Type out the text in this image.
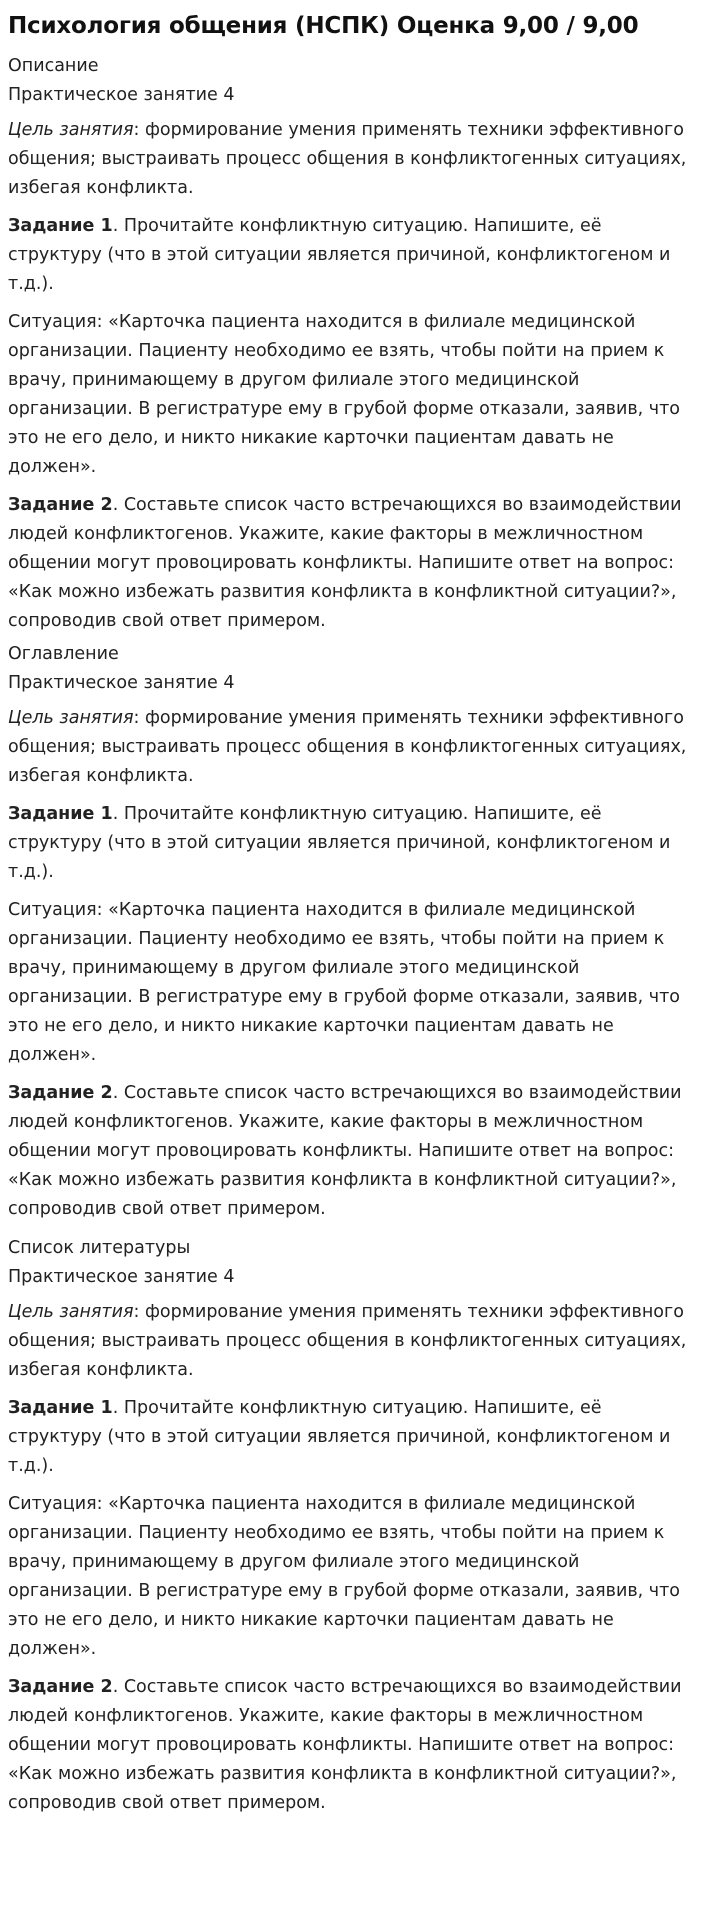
Психология общения (НСПК) Оценка 9,00 / 9,00
Описание
Практическое занятие 4

Цель занятия: формирование умения применять техники эффективного общения; выстраивать процесс общения в конфликтогенных ситуациях, избегая конфликта.

Задание 1. Прочитайте конфликтную ситуацию. Напишите, её структуру (что в этой ситуации является причиной, конфликтогеном и т.д.).

Ситуация: «Карточка пациента находится в филиале медицинской организации. Пациенту необходимо ее взять, чтобы пойти на прием к врачу, принимающему в другом филиале этого медицинской организации. В регистратуре ему в грубой форме отказали, заявив, что это не его дело, и никто никакие карточки пациентам давать не должен».

Задание 2. Составьте список часто встречающихся во взаимодействии людей конфликтогенов. Укажите, какие факторы в межличностном общении могут провоцировать конфликты. Напишите ответ на вопрос: «Как можно избежать развития конфликта в конфликтной ситуации?», сопроводив свой ответ примером.

Оглавление
Практическое занятие 4

Цель занятия: формирование умения применять техники эффективного общения; выстраивать процесс общения в конфликтогенных ситуациях, избегая конфликта.

Задание 1. Прочитайте конфликтную ситуацию. Напишите, её структуру (что в этой ситуации является причиной, конфликтогеном и т.д.).

Ситуация: «Карточка пациента находится в филиале медицинской организации. Пациенту необходимо ее взять, чтобы пойти на прием к врачу, принимающему в другом филиале этого медицинской организации. В регистратуре ему в грубой форме отказали, заявив, что это не его дело, и никто никакие карточки пациентам давать не должен».

Задание 2. Составьте список часто встречающихся во взаимодействии людей конфликтогенов. Укажите, какие факторы в межличностном общении могут провоцировать конфликты. Напишите ответ на вопрос: «Как можно избежать развития конфликта в конфликтной ситуации?», сопроводив свой ответ примером.

Список литературы
Практическое занятие 4

Цель занятия: формирование умения применять техники эффективного общения; выстраивать процесс общения в конфликтогенных ситуациях, избегая конфликта.

Задание 1. Прочитайте конфликтную ситуацию. Напишите, её структуру (что в этой ситуации является причиной, конфликтогеном и т.д.).

Ситуация: «Карточка пациента находится в филиале медицинской организации. Пациенту необходимо ее взять, чтобы пойти на прием к врачу, принимающему в другом филиале этого медицинской организации. В регистратуре ему в грубой форме отказали, заявив, что это не его дело, и никто никакие карточки пациентам давать не должен».

Задание 2. Составьте список часто встречающихся во взаимодействии людей конфликтогенов. Укажите, какие факторы в межличностном общении могут провоцировать конфликты. Напишите ответ на вопрос: «Как можно избежать развития конфликта в конфликтной ситуации?», сопроводив свой ответ примером.
